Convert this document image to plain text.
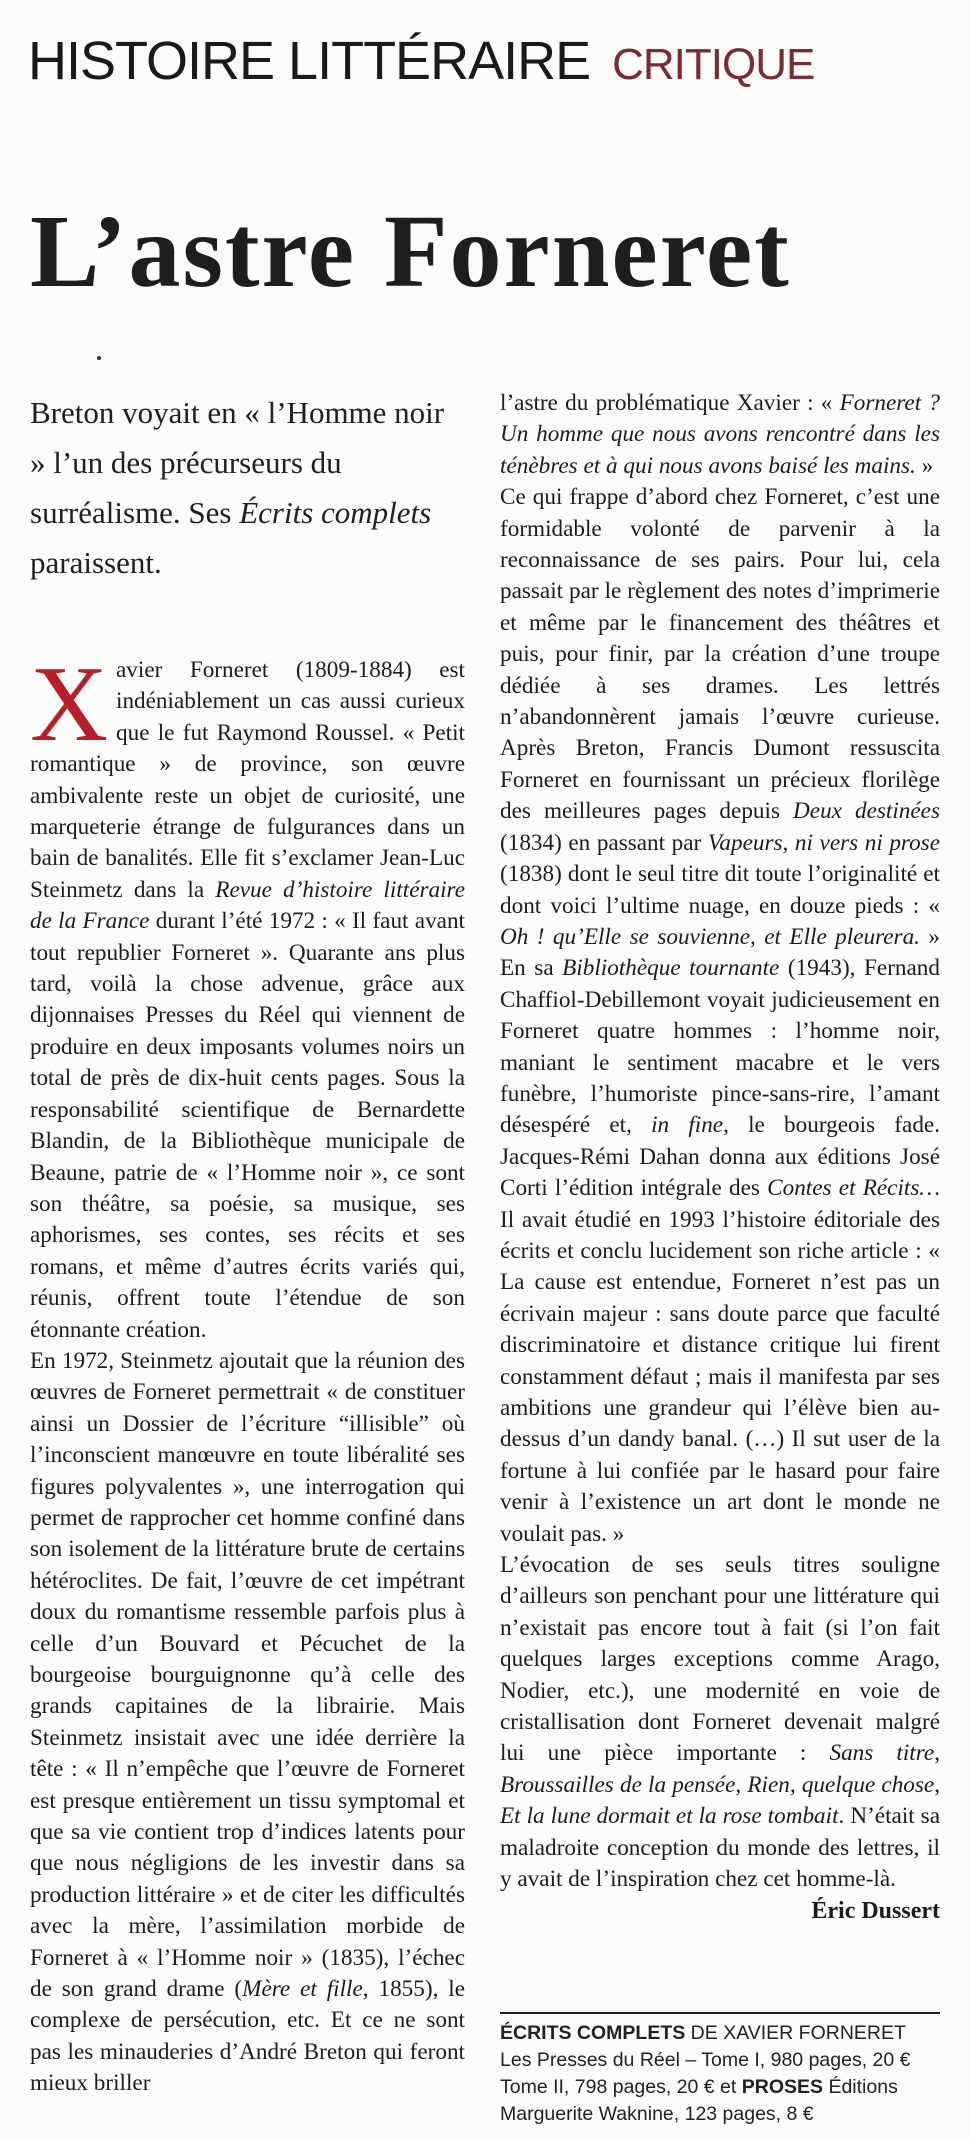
HISTOIRE LITTÉRAIRE CRITIQUE
L’astre Forneret
Breton voyait en « l’Homme noir » l’un des précurseurs du surréalisme. Ses Écrits complets paraissent.

X avier Forneret (1809-1884) est indéniablement un cas aussi curieux que le fut Raymond Roussel. « Petit romantique » de province, son œuvre ambivalente reste un objet de curiosité, une marqueterie étrange de fulgurances dans un bain de banalités. Elle fit s’exclamer Jean-Luc Steinmetz dans la Revue d’histoire littéraire de la France durant l’été 1972 : « Il faut avant tout republier Forneret ». Quarante ans plus tard, voilà la chose advenue, grâce aux dijonnaises Presses du Réel qui viennent de produire en deux imposants volumes noirs un total de près de dix-huit cents pages. Sous la responsabilité scientifique de Bernardette Blandin, de la Bibliothèque municipale de Beaune, patrie de « l’Homme noir », ce sont son théâtre, sa poésie, sa musique, ses aphorismes, ses contes, ses récits et ses romans, et même d’autres écrits variés qui, réunis, offrent toute l’étendue de son étonnante création.

En 1972, Steinmetz ajoutait que la réunion des œuvres de Forneret permettrait « de constituer ainsi un Dossier de l’écriture “illisible” où l’inconscient manœuvre en toute libéralité ses figures polyvalentes », une interrogation qui permet de rapprocher cet homme confiné dans son isolement de la littérature brute de certains hétéroclites. De fait, l’œuvre de cet impétrant doux du romantisme ressemble parfois plus à celle d’un Bouvard et Pécuchet de la bourgeoise bourguignonne qu’à celle des grands capitaines de la librairie. Mais Steinmetz insistait avec une idée derrière la tête : « Il n’empêche que l’œuvre de Forneret est presque entièrement un tissu symptomal et que sa vie contient trop d’indices latents pour que nous négligions de les investir dans sa production littéraire » et de citer les difficultés avec la mère, l’assimilation morbide de Forneret à « l’Homme noir » (1835), l’échec de son grand drame (Mère et fille, 1855), le complexe de persécution, etc. Et ce ne sont pas les minauderies d’André Breton qui feront mieux briller

l’astre du problématique Xavier : « Forneret ? Un homme que nous avons rencontré dans les ténèbres et à qui nous avons baisé les mains. »

Ce qui frappe d’abord chez Forneret, c’est une formidable volonté de parvenir à la reconnaissance de ses pairs. Pour lui, cela passait par le règlement des notes d’imprimerie et même par le financement des théâtres et puis, pour finir, par la création d’une troupe dédiée à ses drames. Les lettrés n’abandonnèrent jamais l’œuvre curieuse. Après Breton, Francis Dumont ressuscita Forneret en fournissant un précieux florilège des meilleures pages depuis Deux destinées (1834) en passant par Vapeurs, ni vers ni prose (1838) dont le seul titre dit toute l’originalité et dont voici l’ultime nuage, en douze pieds : « Oh ! qu’Elle se souvienne, et Elle pleurera. » En sa Bibliothèque tournante (1943), Fernand Chaffiol-Debillemont voyait judicieusement en Forneret quatre hommes : l’homme noir, maniant le sentiment macabre et le vers funèbre, l’humoriste pince-sans-rire, l’amant désespéré et, in fine, le bourgeois fade. Jacques-Rémi Dahan donna aux éditions José Corti l’édition intégrale des Contes et Récits… Il avait étudié en 1993 l’histoire éditoriale des écrits et conclu lucidement son riche article : « La cause est entendue, Forneret n’est pas un écrivain majeur : sans doute parce que faculté discriminatoire et distance critique lui firent constamment défaut ; mais il manifesta par ses ambitions une grandeur qui l’élève bien au-dessus d’un dandy banal. (…) Il sut user de la fortune à lui confiée par le hasard pour faire venir à l’existence un art dont le monde ne voulait pas. »

L’évocation de ses seuls titres souligne d’ailleurs son penchant pour une littérature qui n’existait pas encore tout à fait (si l’on fait quelques larges exceptions comme Arago, Nodier, etc.), une modernité en voie de cristallisation dont Forneret devenait malgré lui une pièce importante : Sans titre, Broussailles de la pensée, Rien, quelque chose, Et la lune dormait et la rose tombait. N’était sa maladroite conception du monde des lettres, il y avait de l’inspiration chez cet homme-là.

Éric Dussert

ÉCRITS COMPLETS DE XAVIER FORNERET
Les Presses du Réel – Tome I, 980 pages, 20 €
Tome II, 798 pages, 20 € et PROSES Éditions
Marguerite Waknine, 123 pages, 8 €
